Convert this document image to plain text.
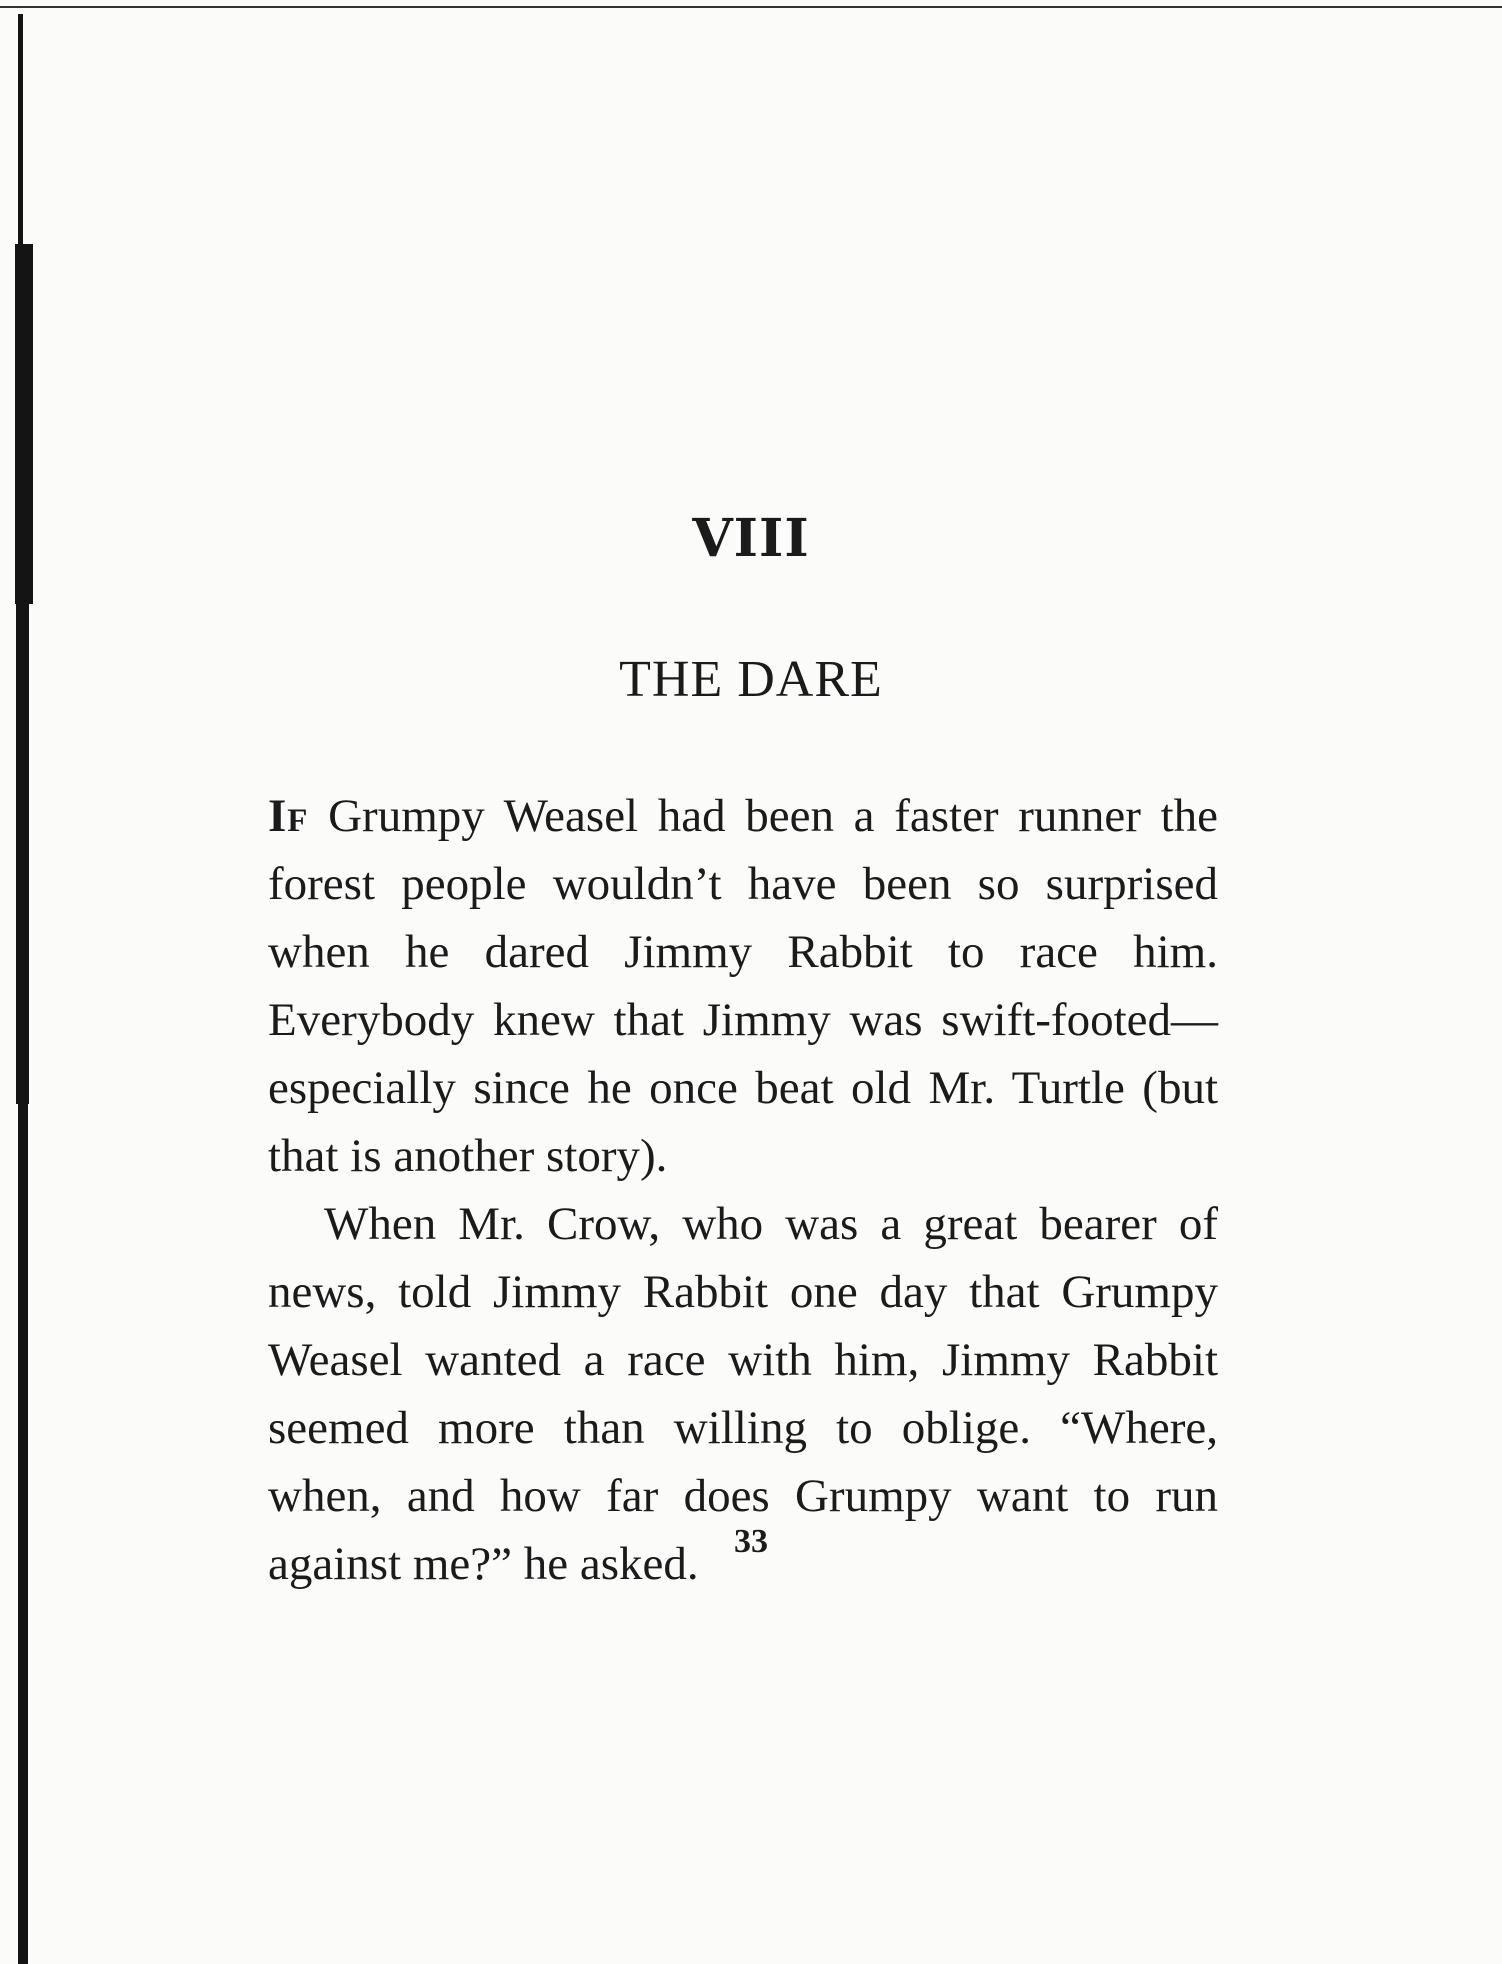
VIII
THE DARE

If Grumpy Weasel had been a faster runner the forest people wouldn’t have been so surprised when he dared Jimmy Rabbit to race him. Everybody knew that Jimmy was swift-footed—especially since he once beat old Mr. Turtle (but that is another story).

When Mr. Crow, who was a great bearer of news, told Jimmy Rabbit one day that Grumpy Weasel wanted a race with him, Jimmy Rabbit seemed more than willing to oblige. “Where, when, and how far does Grumpy want to run against me?” he asked.	33
